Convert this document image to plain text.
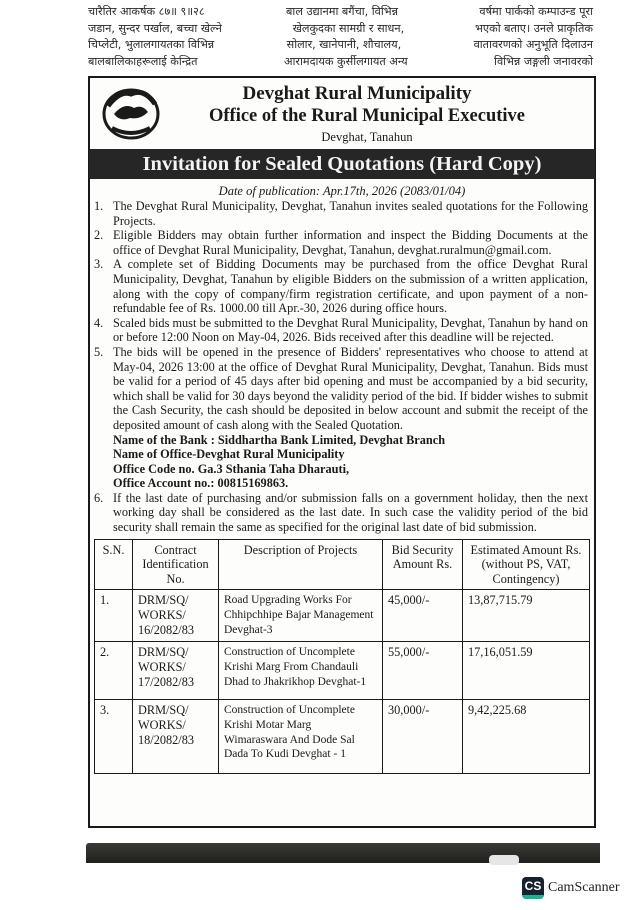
चारैतिर आकर्षक ८७॥ ९॥२८	बाल उद्यानमा बगैंचा, विभिन्न	वर्षमा पार्कको कम्पाउन्ड पूरा
जडान, सुन्दर पर्खाल, बच्चा खेल्ने	खेलकुदका सामग्री र साधन,	भएको बताए। उनले प्राकृतिक
चिप्लेटी, भुलालगायतका विभिन्न	सोलार, खानेपानी, शौचालय,	वातावरणको अनुभूति दिलाउन
बालबालिकाहरूलाई केन्द्रित	आरामदायक कुर्सीलगायत अन्य	विभिन्न जङ्गली जनावरको
Devghat Rural Municipality
Office of the Rural Municipal Executive
Devghat, Tanahun
Invitation for Sealed Quotations (Hard Copy)
Date of publication: Apr.17th, 2026 (2083/01/04)
1. The Devghat Rural Municipality, Devghat, Tanahun invites sealed quotations for the Following Projects.
2. Eligible Bidders may obtain further information and inspect the Bidding Documents at the office of Devghat Rural Municipality, Devghat, Tanahun, devghat.ruralmun@gmail.com.
3. A complete set of Bidding Documents may be purchased from the office Devghat Rural Municipality, Devghat, Tanahun by eligible Bidders on the submission of a written application, along with the copy of company/firm registration certificate, and upon payment of a non-refundable fee of Rs. 1000.00 till Apr.-30, 2026 during office hours.
4. Scaled bids must be submitted to the Devghat Rural Municipality, Devghat, Tanahun by hand on or before 12:00 Noon on May-04, 2026. Bids received after this deadline will be rejected.
5. The bids will be opened in the presence of Bidders' representatives who choose to attend at May-04, 2026 13:00 at the office of Devghat Rural Municipality, Devghat, Tanahun. Bids must be valid for a period of 45 days after bid opening and must be accompanied by a bid security, which shall be valid for 30 days beyond the validity period of the bid. If bidder wishes to submit the Cash Security, the cash should be deposited in below account and submit the receipt of the deposited amount of cash along with the Sealed Quotation.
Name of the Bank : Siddhartha Bank Limited, Devghat Branch
Name of Office-Devghat Rural Municipality
Office Code no. Ga.3 Sthania Taha Dharauti,
Office Account no.: 00815169863.
6. If the last date of purchasing and/or submission falls on a government holiday, then the next working day shall be considered as the last date. In such case the validity period of the bid security shall remain the same as specified for the original last date of bid submission.
S.N.	Contract Identification No.	Description of Projects	Bid Security Amount Rs.	Estimated Amount Rs. (without PS, VAT, Contingency)
1.	DRM/SQ/ WORKS/ 16/2082/83	Road Upgrading Works For Chhipchhipe Bajar Management Devghat-3	45,000/-	13,87,715.79
2.	DRM/SQ/ WORKS/ 17/2082/83	Construction of Uncomplete Krishi Marg From Chandauli Dhad to Jhakrikhop Devghat-1	55,000/-	17,16,051.59
3.	DRM/SQ/ WORKS/ 18/2082/83	Construction of Uncomplete Krishi Motar Marg Wimaraswara And Dode Sal Dada To Kudi Devghat - 1	30,000/-	9,42,225.68
CS CamScanner
